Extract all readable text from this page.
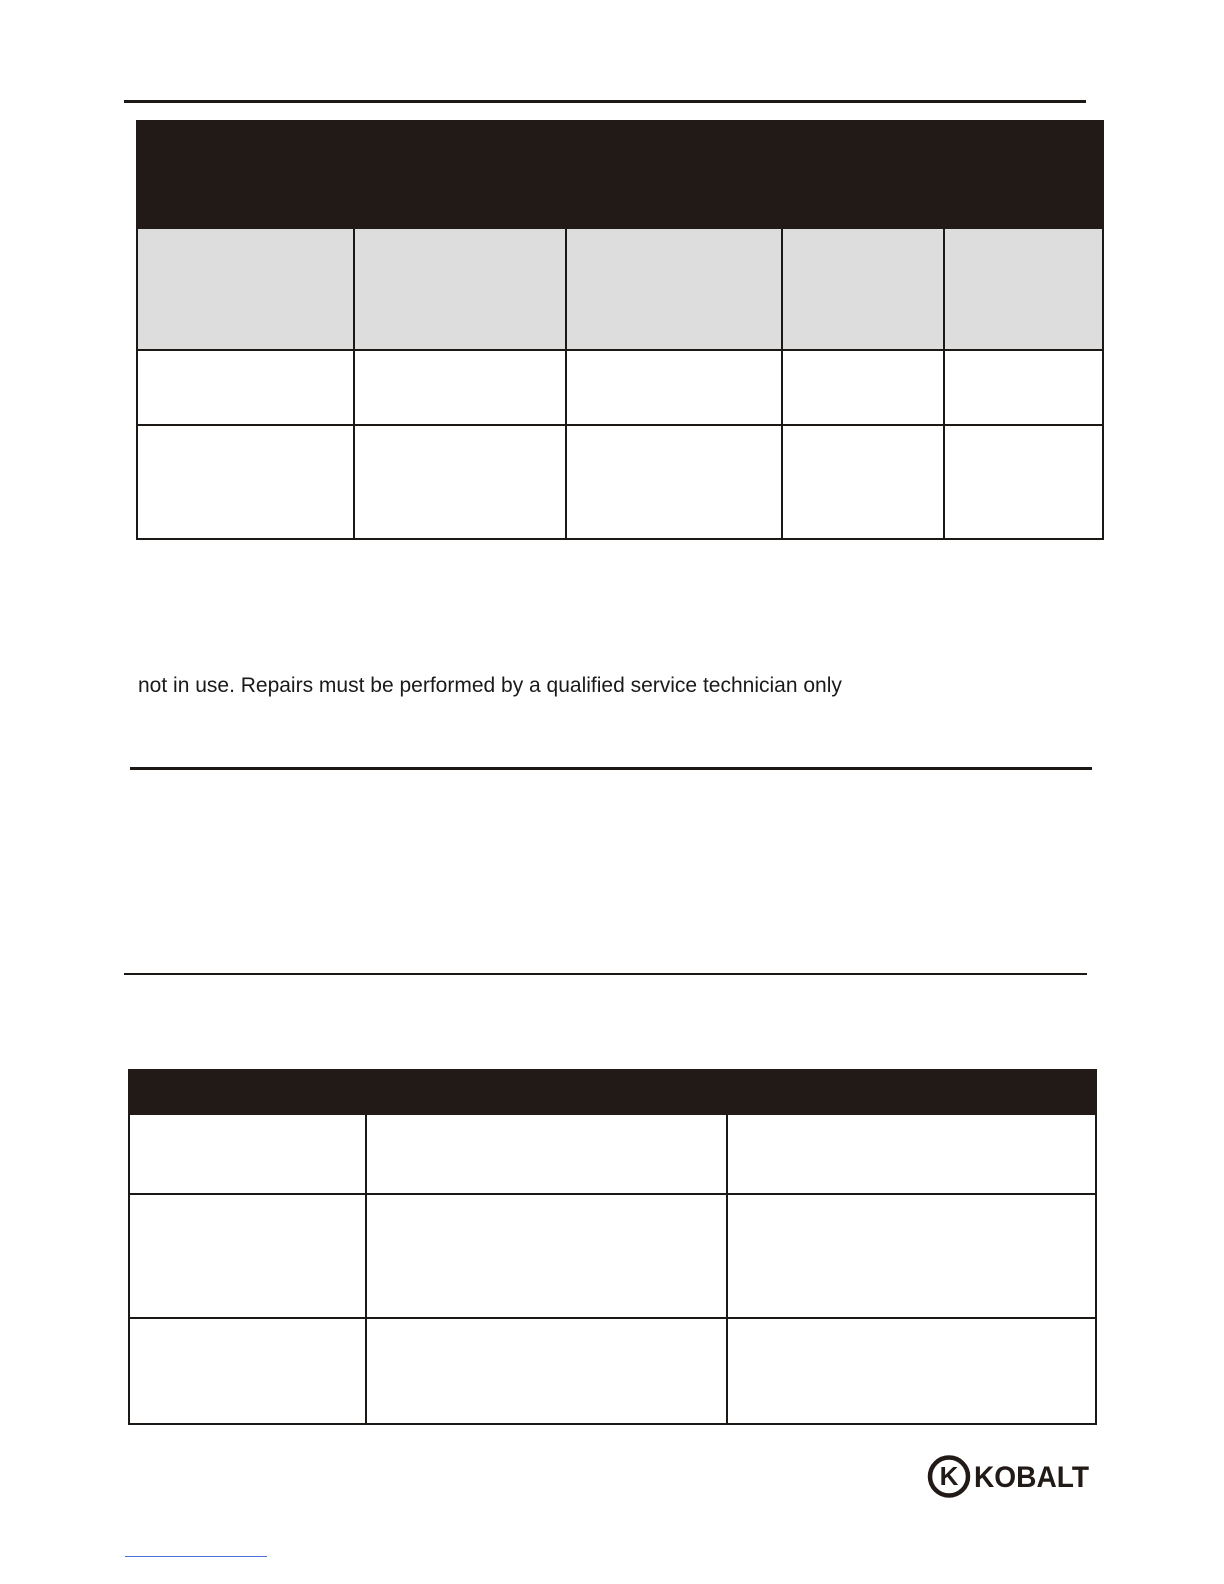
not in use. Repairs must be performed by a qualified service technician only

K KOBALT
